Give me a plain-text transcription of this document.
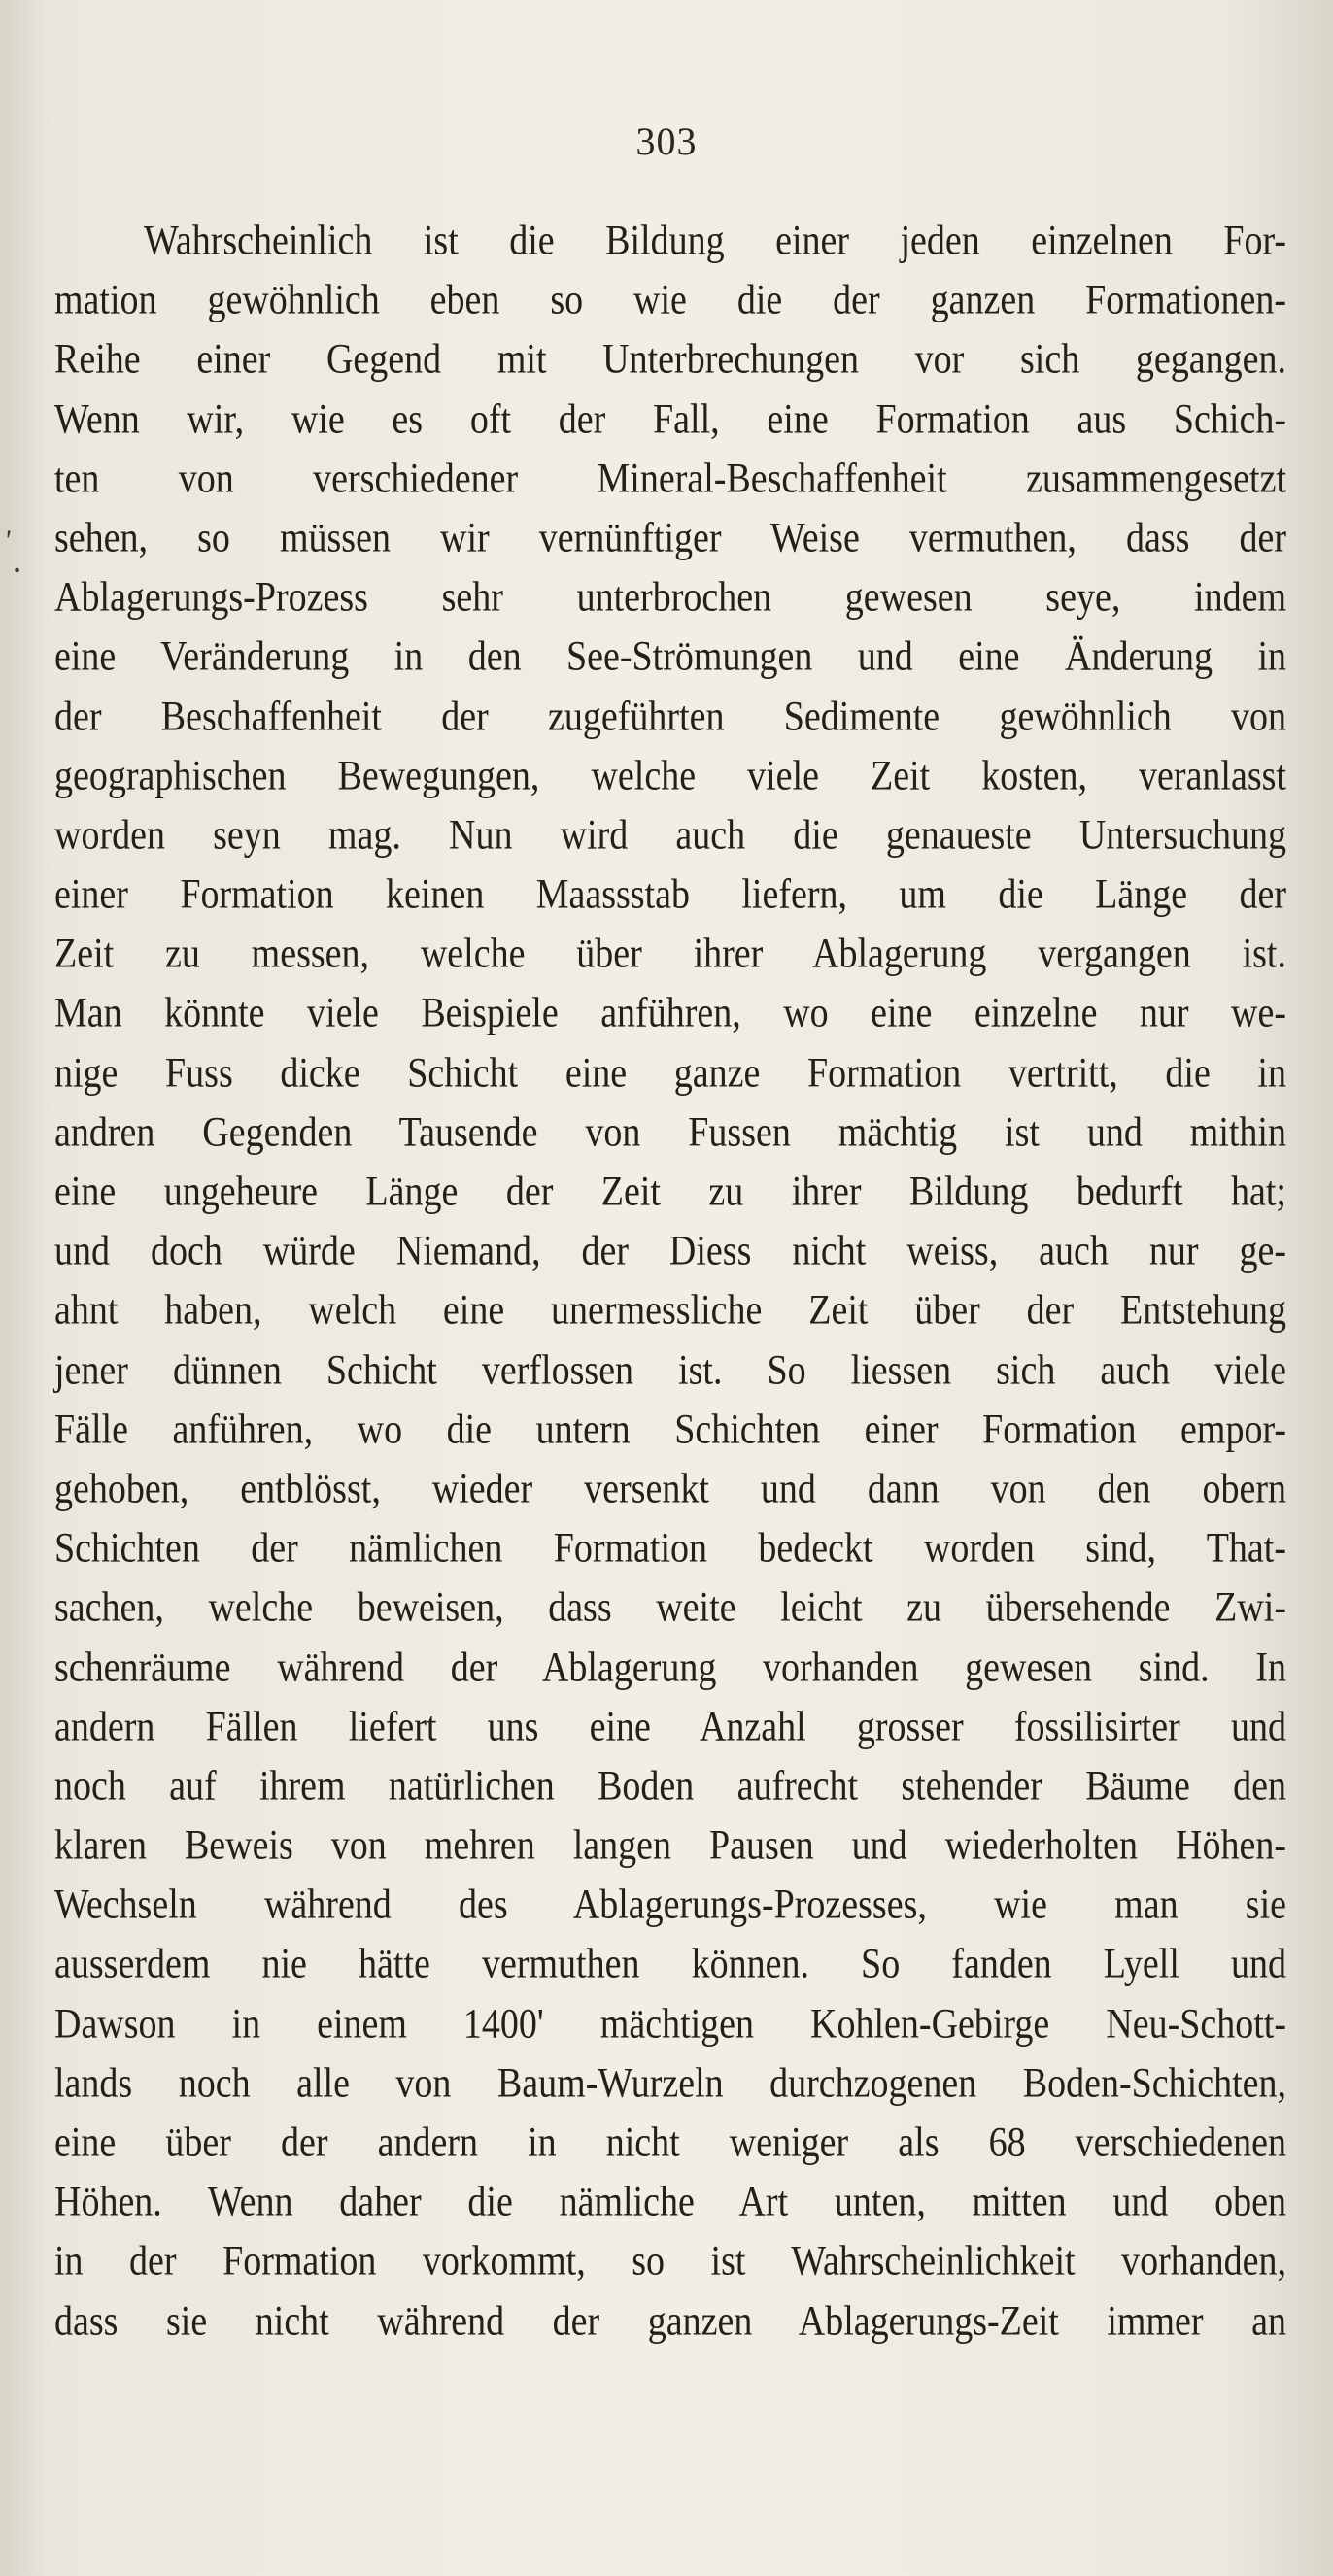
303
'
.
Wahrscheinlich ist die Bildung einer jeden einzelnen For-
mation gewöhnlich eben so wie die der ganzen Formationen-
Reihe einer Gegend mit Unterbrechungen vor sich gegangen.
Wenn wir, wie es oft der Fall, eine Formation aus Schich-
ten von verschiedener Mineral-Beschaffenheit zusammengesetzt
sehen, so müssen wir vernünftiger Weise vermuthen, dass der
Ablagerungs-Prozess sehr unterbrochen gewesen seye, indem
eine Veränderung in den See-Strömungen und eine Änderung in
der Beschaffenheit der zugeführten Sedimente gewöhnlich von
geographischen Bewegungen, welche viele Zeit kosten, veranlasst
worden seyn mag. Nun wird auch die genaueste Untersuchung
einer Formation keinen Maassstab liefern, um die Länge der
Zeit zu messen, welche über ihrer Ablagerung vergangen ist.
Man könnte viele Beispiele anführen, wo eine einzelne nur we-
nige Fuss dicke Schicht eine ganze Formation vertritt, die in
andren Gegenden Tausende von Fussen mächtig ist und mithin
eine ungeheure Länge der Zeit zu ihrer Bildung bedurft hat;
und doch würde Niemand, der Diess nicht weiss, auch nur ge-
ahnt haben, welch eine unermessliche Zeit über der Entstehung
jener dünnen Schicht verflossen ist. So liessen sich auch viele
Fälle anführen, wo die untern Schichten einer Formation empor-
gehoben, entblösst, wieder versenkt und dann von den obern
Schichten der nämlichen Formation bedeckt worden sind, That-
sachen, welche beweisen, dass weite leicht zu übersehende Zwi-
schenräume während der Ablagerung vorhanden gewesen sind. In
andern Fällen liefert uns eine Anzahl grosser fossilisirter und
noch auf ihrem natürlichen Boden aufrecht stehender Bäume den
klaren Beweis von mehren langen Pausen und wiederholten Höhen-
Wechseln während des Ablagerungs-Prozesses, wie man sie
ausserdem nie hätte vermuthen können. So fanden Lyell und
Dawson in einem 1400' mächtigen Kohlen-Gebirge Neu-Schott-
lands noch alle von Baum-Wurzeln durchzogenen Boden-Schichten,
eine über der andern in nicht weniger als 68 verschiedenen
Höhen. Wenn daher die nämliche Art unten, mitten und oben
in der Formation vorkommt, so ist Wahrscheinlichkeit vorhanden,
dass sie nicht während der ganzen Ablagerungs-Zeit immer an
